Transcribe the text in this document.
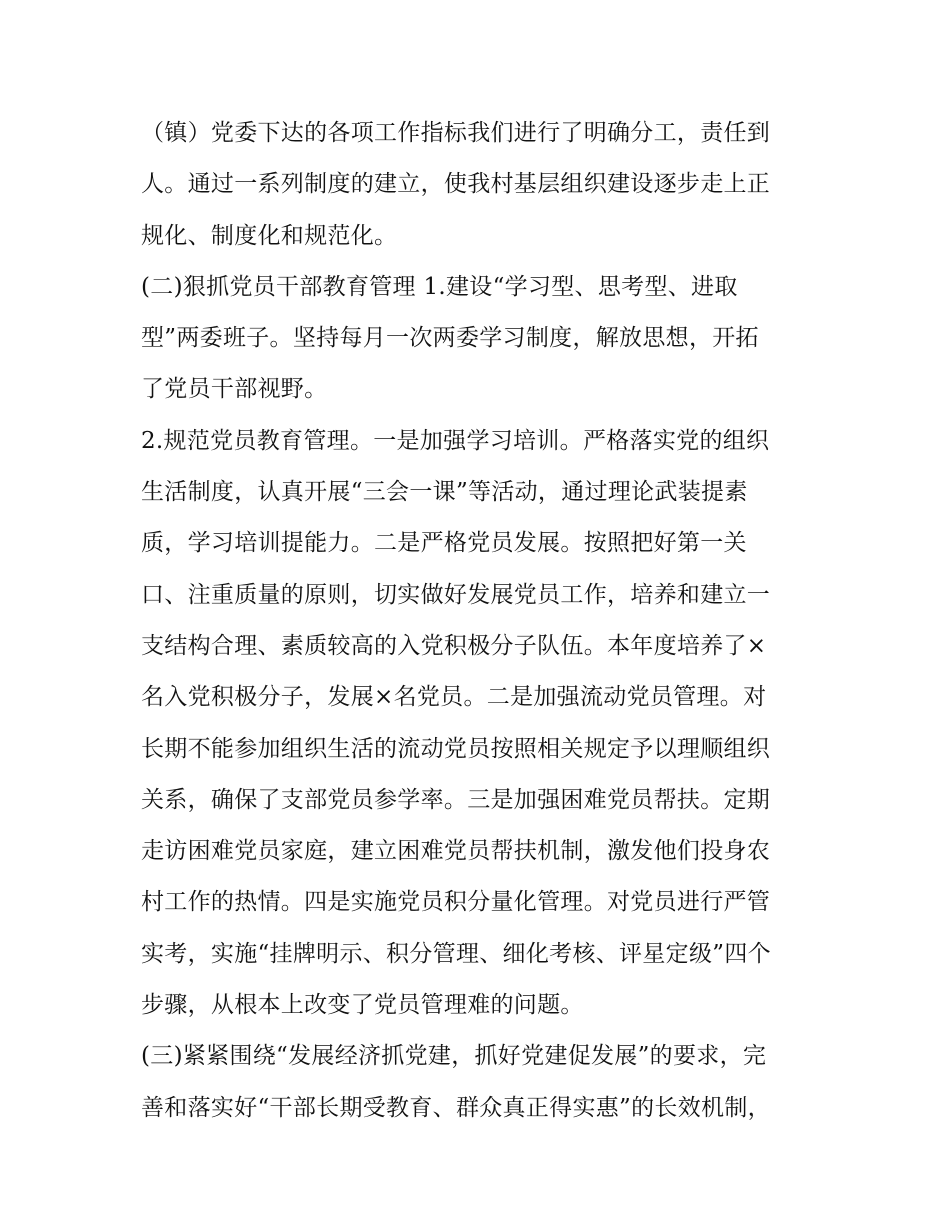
（镇）党委下达的各项工作指标我们进行了明确分工，责任到
人。通过一系列制度的建立，使我村基层组织建设逐步走上正
规化、制度化和规范化。
(二)狠抓党员干部教育管理 1.建设“学习型、思考型、进取
型”两委班子。坚持每月一次两委学习制度，解放思想，开拓
了党员干部视野。
2.规范党员教育管理。一是加强学习培训。严格落实党的组织
生活制度，认真开展“三会一课”等活动，通过理论武装提素
质，学习培训提能力。二是严格党员发展。按照把好第一关
口、注重质量的原则，切实做好发展党员工作，培养和建立一
支结构合理、素质较高的入党积极分子队伍。本年度培养了×
名入党积极分子，发展×名党员。二是加强流动党员管理。对
长期不能参加组织生活的流动党员按照相关规定予以理顺组织
关系，确保了支部党员参学率。三是加强困难党员帮扶。定期
走访困难党员家庭，建立困难党员帮扶机制，激发他们投身农
村工作的热情。四是实施党员积分量化管理。对党员进行严管
实考，实施“挂牌明示、积分管理、细化考核、评星定级”四个
步骤，从根本上改变了党员管理难的问题。
(三)紧紧围绕“发展经济抓党建，抓好党建促发展”的要求，完
善和落实好“干部长期受教育、群众真正得实惠”的长效机制，
